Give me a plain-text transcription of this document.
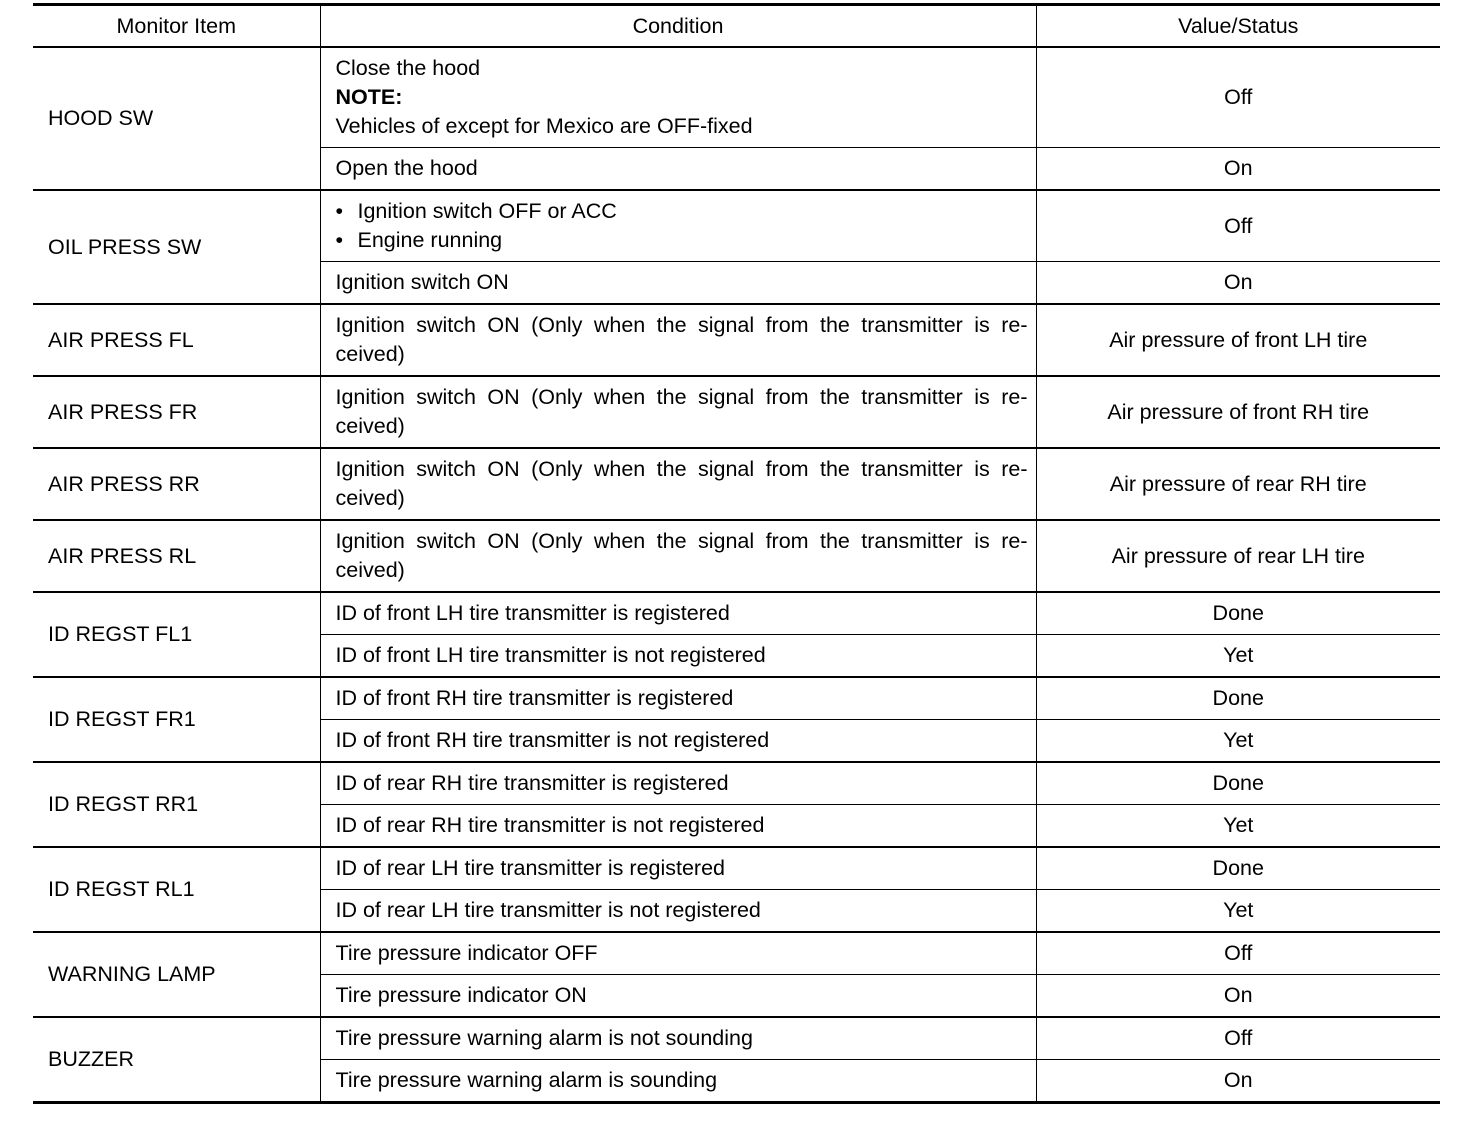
Monitor Item	Condition	Value/Status
HOOD SW	Close the hood
NOTE:
Vehicles of except for Mexico are OFF-fixed	Off
	Open the hood	On
OIL PRESS SW	• Ignition switch OFF or ACC
• Engine running	Off
	Ignition switch ON	On
AIR PRESS FL	Ignition switch ON (Only when the signal from the transmitter is received)	Air pressure of front LH tire
AIR PRESS FR	Ignition switch ON (Only when the signal from the transmitter is received)	Air pressure of front RH tire
AIR PRESS RR	Ignition switch ON (Only when the signal from the transmitter is received)	Air pressure of rear RH tire
AIR PRESS RL	Ignition switch ON (Only when the signal from the transmitter is received)	Air pressure of rear LH tire
ID REGST FL1	ID of front LH tire transmitter is registered	Done
	ID of front LH tire transmitter is not registered	Yet
ID REGST FR1	ID of front RH tire transmitter is registered	Done
	ID of front RH tire transmitter is not registered	Yet
ID REGST RR1	ID of rear RH tire transmitter is registered	Done
	ID of rear RH tire transmitter is not registered	Yet
ID REGST RL1	ID of rear LH tire transmitter is registered	Done
	ID of rear LH tire transmitter is not registered	Yet
WARNING LAMP	Tire pressure indicator OFF	Off
	Tire pressure indicator ON	On
BUZZER	Tire pressure warning alarm is not sounding	Off
	Tire pressure warning alarm is sounding	On
